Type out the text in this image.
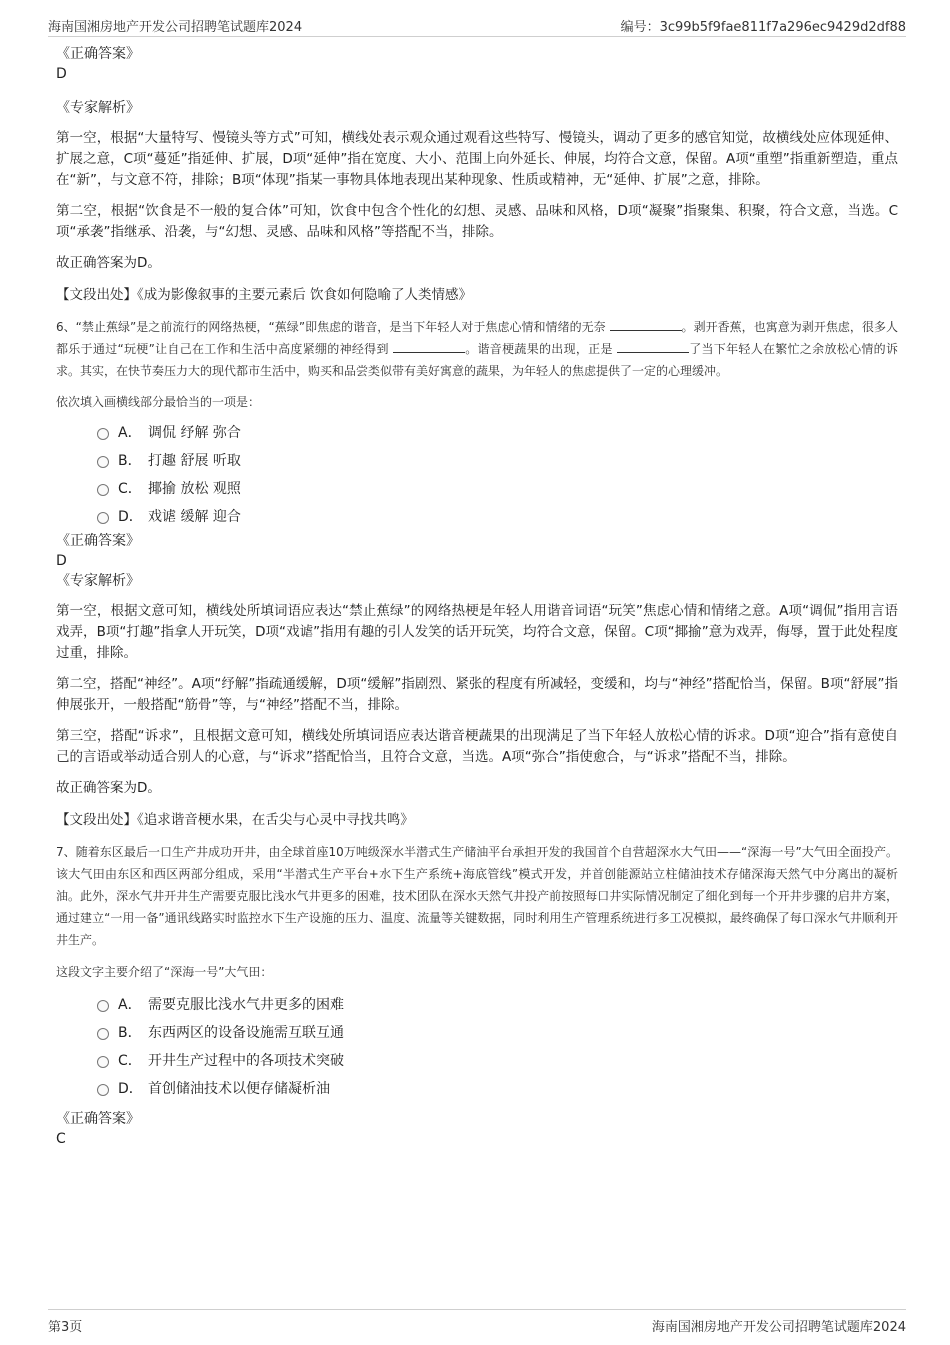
海南国湘房地产开发公司招聘笔试题库2024	编号：3c99b5f9fae811f7a296ec9429d2df88
《正确答案》
D
《专家解析》

第一空，根据“大量特写、慢镜头等方式”可知，横线处表示观众通过观看这些特写、慢镜头，调动了更多的感官知觉，故横线处应体现延伸、扩展之意，C项“蔓延”指延伸、扩展，D项“延伸”指在宽度、大小、范围上向外延长、伸展，均符合文意，保留。A项“重塑”指重新塑造，重点在“新”，与文意不符，排除；B项“体现”指某一事物具体地表现出某种现象、性质或精神，无“延伸、扩展”之意，排除。

第二空，根据“饮食是不一般的复合体”可知，饮食中包含个性化的幻想、灵感、品味和风格，D项“凝聚”指聚集、积聚，符合文意，当选。C项“承袭”指继承、沿袭，与“幻想、灵感、品味和风格”等搭配不当，排除。

故正确答案为D。

【文段出处】《成为影像叙事的主要元素后 饮食如何隐喻了人类情感》

6、“禁止蕉绿”是之前流行的网络热梗，“蕉绿”即焦虑的谐音，是当下年轻人对于焦虑心情和情绪的无奈	。剥开香蕉，也寓意为剥开焦虑，很多人都乐于通过“玩梗”让自己在工作和生活中高度紧绷的神经得到	。谐音梗蔬果的出现，正是	了当下年轻人在繁忙之余放松心情的诉求。其实，在快节奏压力大的现代都市生活中，购买和品尝类似带有美好寓意的蔬果，为年轻人的焦虑提供了一定的心理缓冲。

依次填入画横线部分最恰当的一项是：

A． 调侃 纾解 弥合
B． 打趣 舒展 听取
C． 揶揄 放松 观照
D． 戏谑 缓解 迎合
《正确答案》
D
《专家解析》

第一空，根据文意可知，横线处所填词语应表达“禁止蕉绿”的网络热梗是年轻人用谐音词语“玩笑”焦虑心情和情绪之意。A项“调侃”指用言语戏弄，B项“打趣”指拿人开玩笑，D项“戏谑”指用有趣的引人发笑的话开玩笑，均符合文意，保留。C项“揶揄”意为戏弄，侮辱，置于此处程度过重，排除。

第二空，搭配“神经”。A项“纾解”指疏通缓解，D项“缓解”指剧烈、紧张的程度有所减轻，变缓和，均与“神经”搭配恰当，保留。B项“舒展”指伸展张开，一般搭配“筋骨”等，与“神经”搭配不当，排除。

第三空，搭配“诉求”，且根据文意可知，横线处所填词语应表达谐音梗蔬果的出现满足了当下年轻人放松心情的诉求。D项“迎合”指有意使自己的言语或举动适合别人的心意，与“诉求”搭配恰当，且符合文意，当选。A项“弥合”指使愈合，与“诉求”搭配不当，排除。

故正确答案为D。

【文段出处】《追求谐音梗水果，在舌尖与心灵中寻找共鸣》

7、随着东区最后一口生产井成功开井，由全球首座10万吨级深水半潜式生产储油平台承担开发的我国首个自营超深水大气田——“深海一号”大气田全面投产。该大气田由东区和西区两部分组成，采用“半潜式生产平台+水下生产系统+海底管线”模式开发，并首创能源站立柱储油技术存储深海天然气中分离出的凝析油。此外，深水气井开井生产需要克服比浅水气井更多的困难，技术团队在深水天然气井投产前按照每口井实际情况制定了细化到每一个开井步骤的启井方案，通过建立“一用一备”通讯线路实时监控水下生产设施的压力、温度、流量等关键数据，同时利用生产管理系统进行多工况模拟，最终确保了每口深水气井顺利开井生产。

这段文字主要介绍了“深海一号”大气田：

A． 需要克服比浅水气井更多的困难
B． 东西两区的设备设施需互联互通
C． 开井生产过程中的各项技术突破
D． 首创储油技术以便存储凝析油
《正确答案》
C
第3页	海南国湘房地产开发公司招聘笔试题库2024
